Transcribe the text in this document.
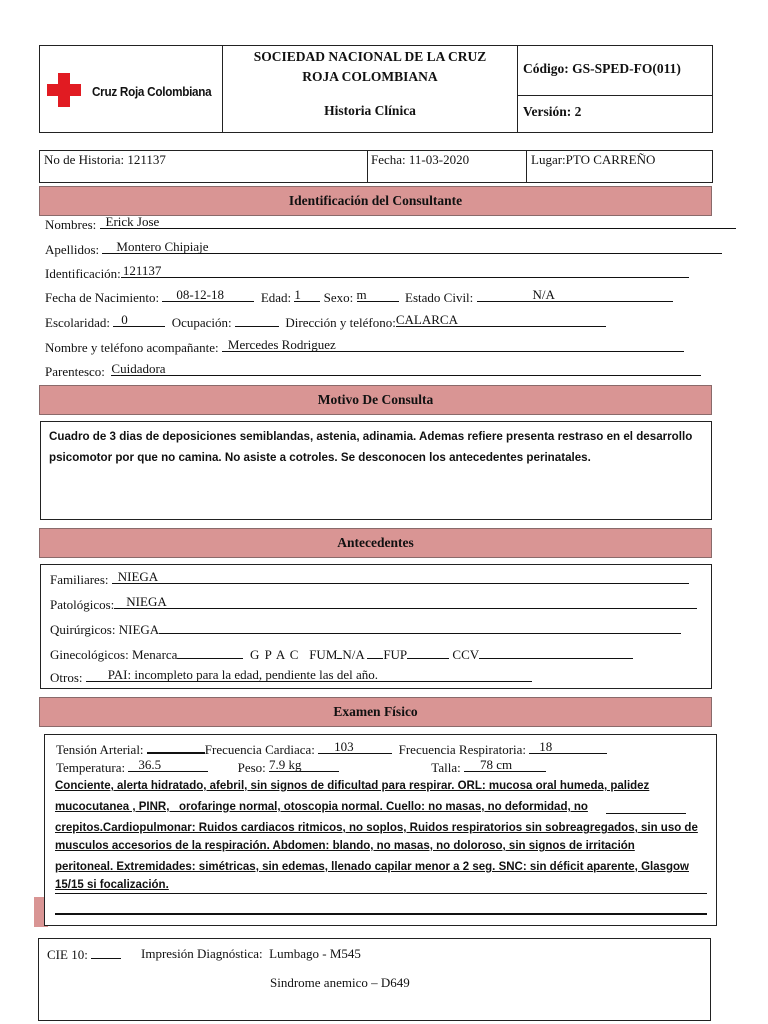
Cruz Roja Colombiana
SOCIEDAD NACIONAL DE LA CRUZ
ROJA COLOMBIANA
Historia Clínica
Código: GS-SPED-FO(011)
Versión: 2
No de Historia: 121137	Fecha: 11-03-2020	Lugar:PTO CARREÑO
Identificación del Consultante
Nombres: Erick Jose
Apellidos: Montero Chipiaje
Identificación: 121137
Fecha de Nacimiento: 08-12-18	Edad: 1 Sexo: m	Estado Civil:	N/A
Escolaridad: 0	Ocupación:	Dirección y teléfono: CALARCA
Nombre y teléfono acompañante: Mercedes Rodriguez
Parentesco: Cuidadora
Motivo De Consulta
Cuadro de 3 dias de deposiciones semiblandas, astenia, adinamia. Ademas refiere presenta restraso en el desarrollo
psicomotor por que no camina. No asiste a cotroles. Se desconocen los antecedentes perinatales.
Antecedentes
Familiares: NIEGA
Patológicos: NIEGA
Quirúrgicos: NIEGA
Ginecológicos: Menarca	G P A C FUM N/A FUP	CCV
Otros: PAI: incompleto para la edad, pendiente las del año.
Examen Físico
Tensión Arterial:	Frecuencia Cardiaca: 103	Frecuencia Respiratoria: 18
Temperatura: 36.5	Peso: 7.9 kg	Talla: 78 cm
Conciente, alerta hidratado, afebril, sin signos de dificultad para respirar. ORL: mucosa oral humeda, palidez
mucocutanea , PINR, _orofaringe normal, otoscopia normal. Cuello: no masas, no deformidad, no
crepitos.Cardiopulmonar: Ruidos cardiacos ritmicos, no soplos, Ruidos respiratorios sin sobreagregados, sin uso de
musculos accesorios de la respiración. Abdomen: blando, no masas, no doloroso, sin signos de irritación
peritoneal. Extremidades: simétricas, sin edemas, llenado capilar menor a 2 seg. SNC: sin déficit aparente, Glasgow
15/15 si focalización.
CIE 10:	Impresión Diagnóstica: Lumbago - M545
Sindrome anemico – D649
